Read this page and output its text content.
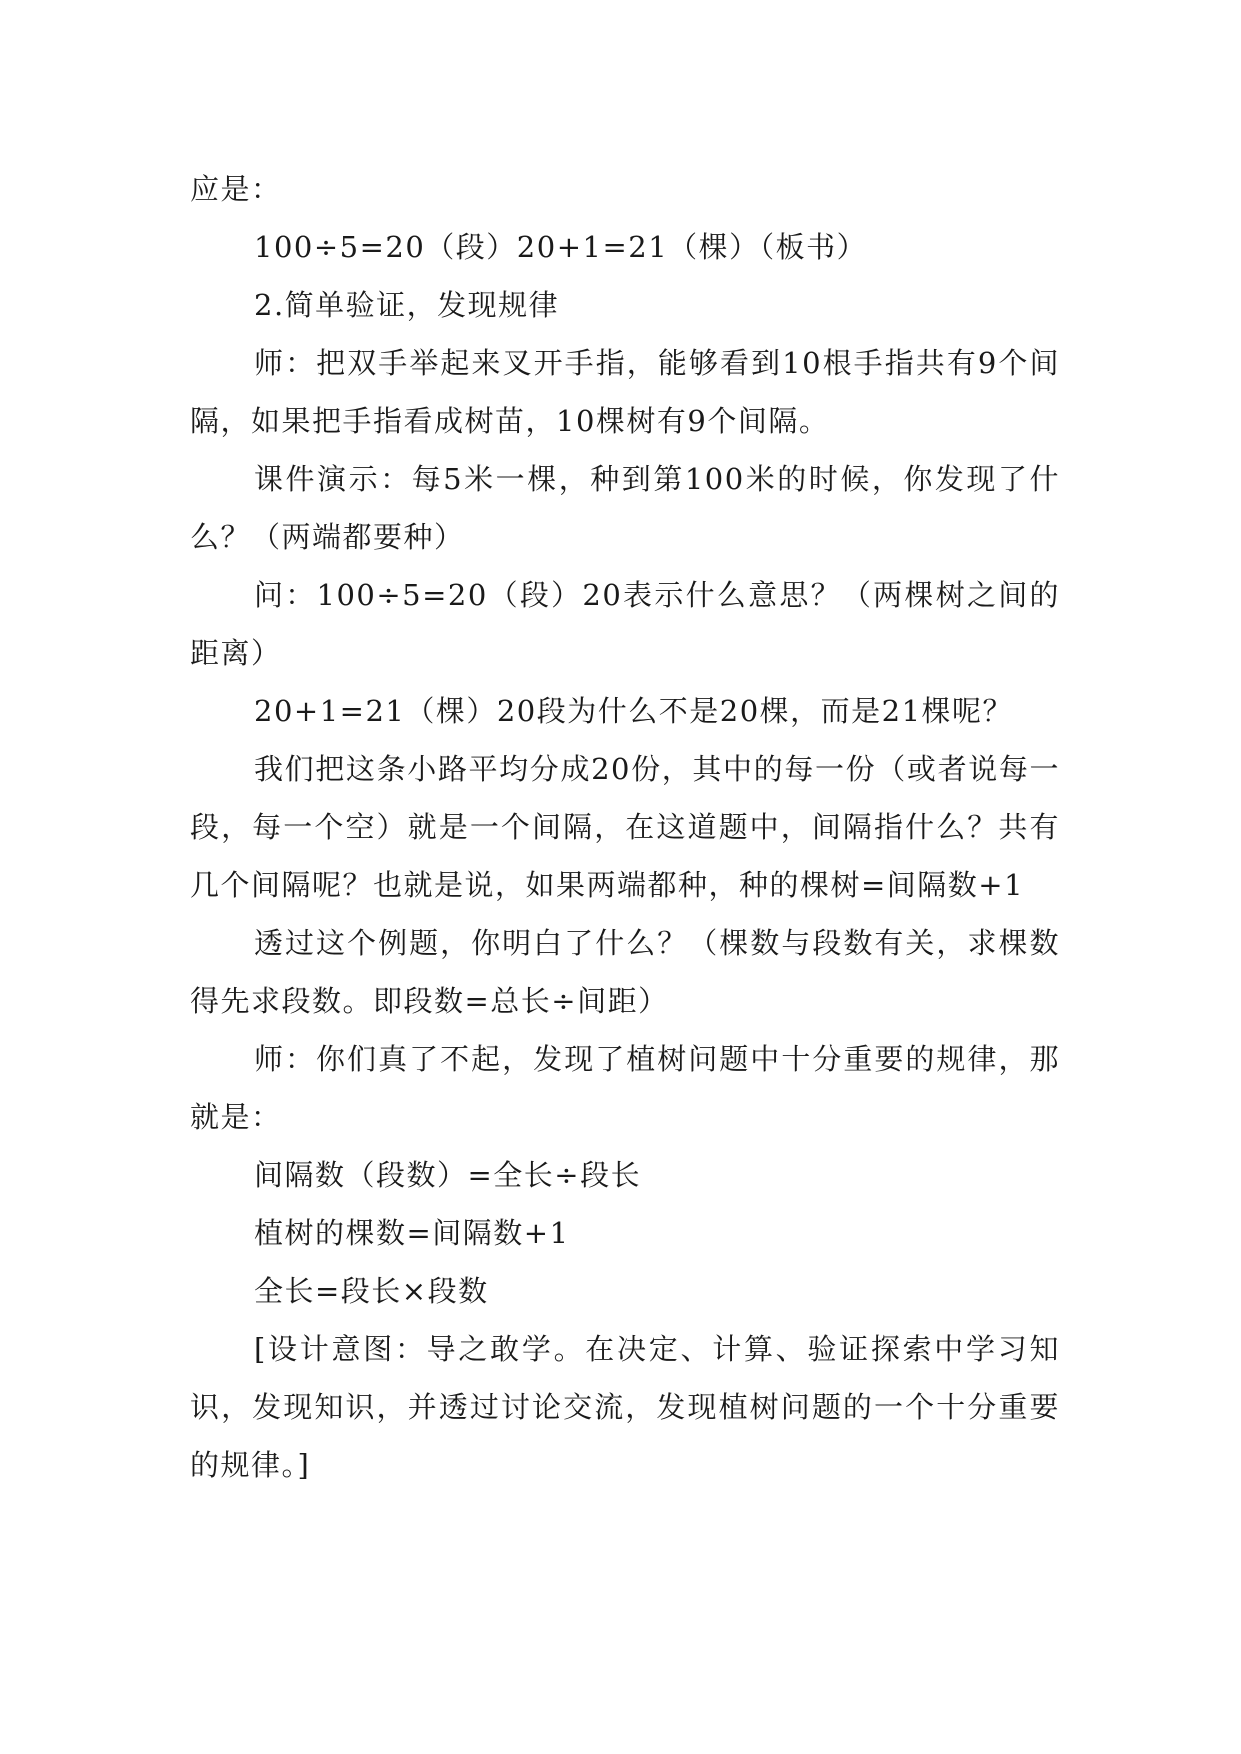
应是：

100÷5=20（段）20+1=21（棵）（板书）

2.简单验证，发现规律

师：把双手举起来叉开手指，能够看到10根手指共有9个间隔，如果把手指看成树苗，10棵树有9个间隔。

课件演示：每5米一棵，种到第100米的时候，你发现了什么？（两端都要种）

问：100÷5=20（段）20表示什么意思？（两棵树之间的距离）

20+1=21（棵）20段为什么不是20棵，而是21棵呢？

我们把这条小路平均分成20份，其中的每一份（或者说每一段，每一个空）就是一个间隔，在这道题中，间隔指什么？共有几个间隔呢？也就是说，如果两端都种，种的棵树=间隔数+1

透过这个例题，你明白了什么？（棵数与段数有关，求棵数得先求段数。即段数=总长÷间距）

师：你们真了不起，发现了植树问题中十分重要的规律，那就是：

间隔数（段数）=全长÷段长

植树的棵数=间隔数+1

全长=段长×段数

[设计意图：导之敢学。在决定、计算、验证探索中学习知识，发现知识，并透过讨论交流，发现植树问题的一个十分重要的规律。]
